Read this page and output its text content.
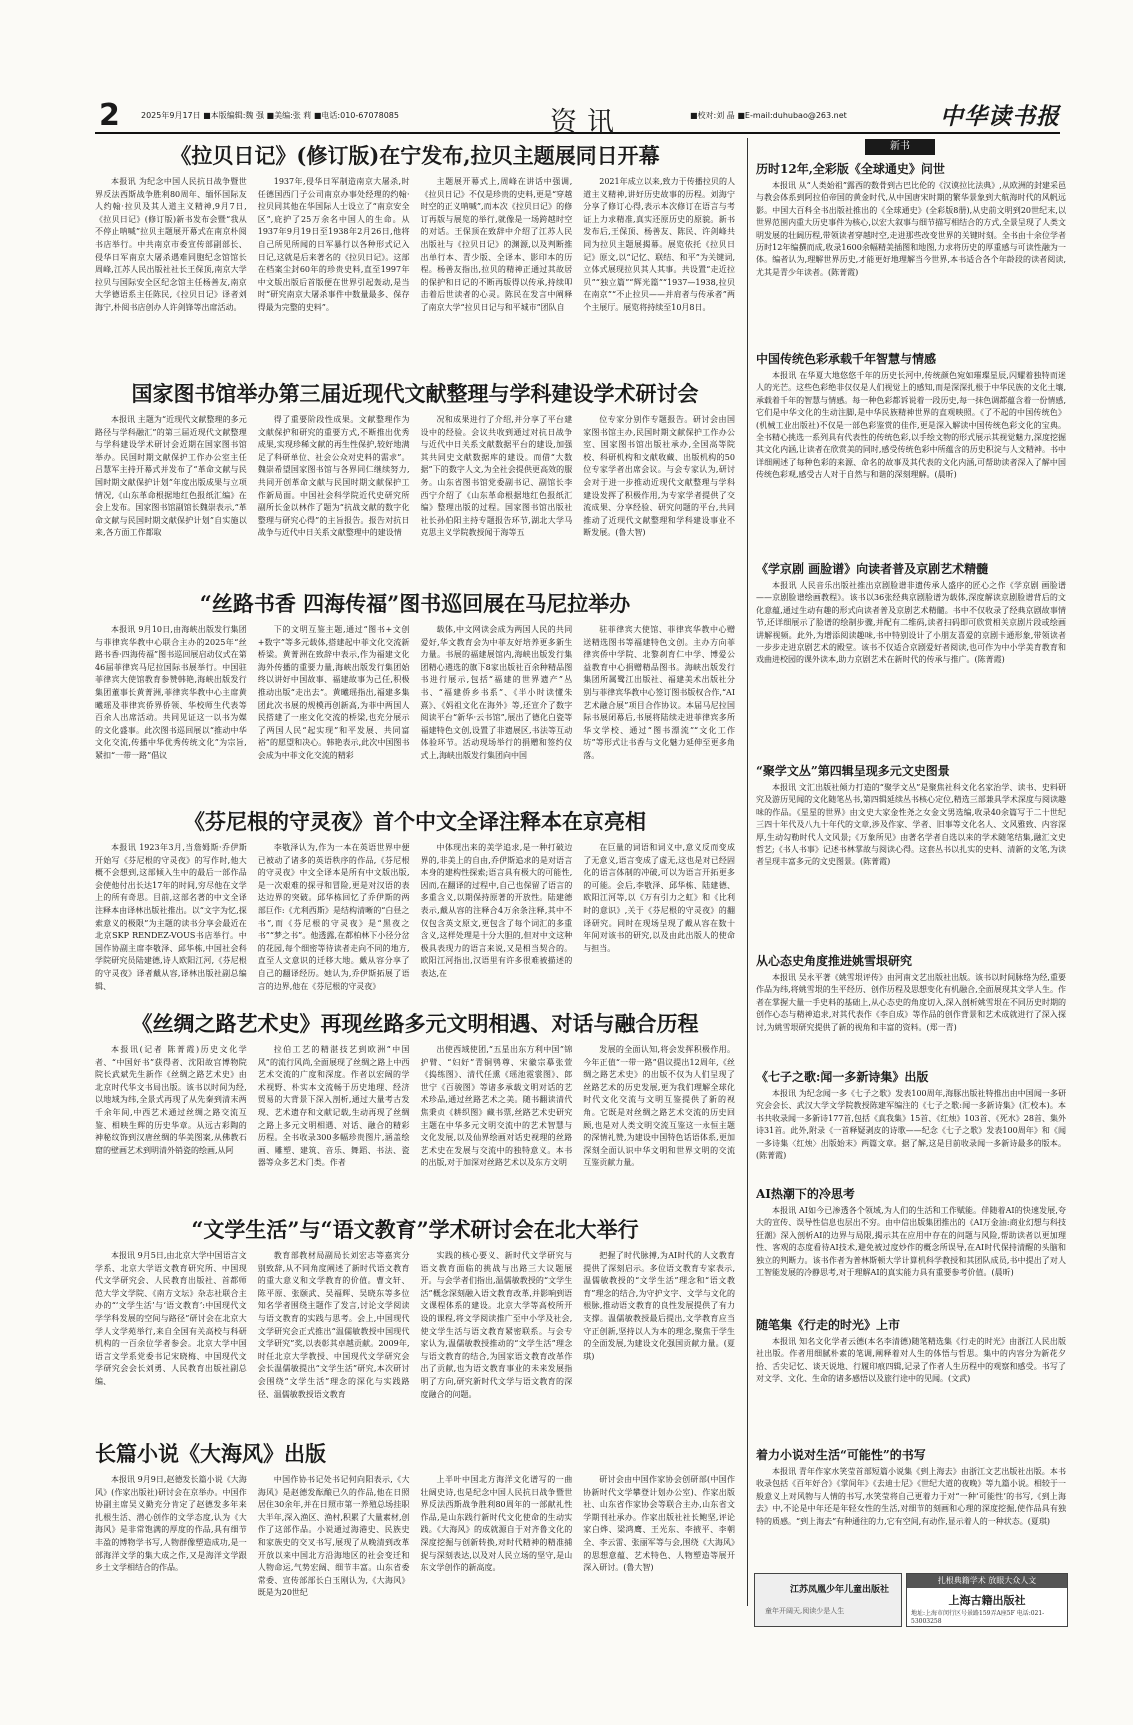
2	2025年9月17日 ■本版编辑:魏 强 ■美编:张 莉 ■电话:010-67078085	资讯	■校对:刘 晶 ■E-mail:duhubao@263.net	中华读书报
新书
《拉贝日记》(修订版)在宁发布,拉贝主题展同日开幕
本报讯 为纪念中国人民抗日战争暨世界反法西斯战争胜利80周年、缅怀国际友人约翰·拉贝及其人道主义精神,9月7日,《拉贝日记》(修订版)新书发布会暨“我从不停止呐喊”拉贝主题展开幕式在南京朴阅书店举行。中共南京市委宣传部副部长、侵华日军南京大屠杀遇难同胞纪念馆馆长周峰,江苏人民出版社社长王保顶,南京大学拉贝与国际安全区纪念馆主任杨善友,南京大学德语系主任陈民,《拉贝日记》译者刘海宁,朴阅书店创办人许剑锋等出席活动。
1937年,侵华日军制造南京大屠杀,时任德国西门子公司南京办事处经理的约翰·拉贝同其他在华国际人士设立了“南京安全区”,庇护了25万余名中国人的生命。从1937年9月19日至1938年2月26日,他将自己所见所闻的日军暴行以各种形式记入日记,这就是后来著名的《拉贝日记》。这部在档案尘封60年的珍贵史料,直至1997年中文版出版后首版便在世界引起轰动,是当时“研究南京大屠杀事件中数量最多、保存得最为完整的史料”。
主题展开幕式上,周峰在讲话中强调,《拉贝日记》不仅是珍贵的史料,更是“穿越时空的正义呐喊”,而本次《拉贝日记》的修订再版与展览的举行,就像是一场跨越时空的对话。王保顶在致辞中介绍了江苏人民出版社与《拉贝日记》的渊源,以及判断推出单行本、青少版、全译本、影印本的历程。杨善友指出,拉贝的精神正通过其故居的保护和日记的不断再版得以传承,持续叩击着后世读者的心灵。陈民在发言中阐释了南京大学“拉贝日记与和平城市”团队自
2021年成立以来,致力于传播拉贝的人道主义精神,讲好历史故事的历程。刘海宁分享了修订心得,表示本次修订在语言与考证上力求精准,真实还原历史的原貌。新书发布后,王保顶、杨善友、陈民、许剑峰共同为拉贝主题展揭幕。展览依托《拉贝日记》原文,以“记忆、联结、和平”为关键词,立体式展现拉贝其人其事。共设置“走近拉贝”“独立篇”“辉光篇”“1937—1938,拉贝在南京”“不止拉贝——并肩者与传承者”两个主展厅。展览将持续至10月8日。
国家图书馆举办第三届近现代文献整理与学科建设学术研讨会
本报讯 主题为“近现代文献整理的多元路径与学科融汇”的第三届近现代文献整理与学科建设学术研讨会近期在国家图书馆举办。民国时期文献保护工作办公室主任吕慧军主持开幕式并发布了“革命文献与民国时期文献保护计划”年度出版成果与立项情况,《山东革命根据地红色报纸汇编》在会上发布。国家图书馆副馆长魏崇表示,“革命文献与民国时期文献保护计划”自实施以来,各方面工作都取
得了重要阶段性成果。文献整理作为文献保护和研究的重要方式,不断推出优秀成果,实现珍稀文献的再生性保护,较好地满足了科研单位、社会公众对史料的需求”。魏崇希望国家图书馆与各界同仁继续努力,共同开创革命文献与民国时期文献保护工作新局面。中国社会科学院近代史研究所副所长金以林作了题为“抗战文献的数字化整理与研究心得”的主旨报告。报告对抗日战争与近代中日关系文献整理中的建设情
况和成果进行了介绍,并分享了平台建设中的经验。会议共收到通过对抗日战争与近代中日关系文献数据平台的建设,加强其共同史文献数据库的建设。而借“大数据”下的数字人文,为全社会提供更高效的服务。山东省图书馆党委副书记、副馆长李西宁介绍了《山东革命根据地红色报纸汇编》整理出版的过程。国家图书馆出版社社长孙伯阳主持专题报告环节,湖北大学马克思主义学院教授闻于海等五
位专家分别作专题报告。研讨会由国家图书馆主办,民国时期文献保护工作办公室、国家图书馆出版社承办,全国高等院校、科研机构和文献收藏、出版机构的50位专家学者出席会议。与会专家认为,研讨会对于进一步推动近现代文献整理与学科建设发挥了积极作用,为专家学者提供了交流成果、分享经验、研究问题的平台,共同推动了近现代文献整理和学科建设事业不断发展。(鲁大智)
“丝路书香 四海传福”图书巡回展在马尼拉举办
本报讯 9月10日,由海峡出版发行集团与菲律宾华教中心联合主办的2025年“丝路书香·四海传福”图书巡回展启动仪式在第46届菲律宾马尼拉国际书展举行。中国驻菲律宾大使馆教育参赞韩艳,海峡出版发行集团董事长黄菁洲,菲律宾华教中心主席黄曦瑶及菲律宾侨界侨领、华校师生代表等百余人出席活动。共同见证这一以书为媒的文化盛事。此次图书巡回展以“推动中华文化交流,传播中华优秀传统文化”为宗旨,紧扣“一带一路”倡议
下的文明互鉴主题,通过“图书+文创+数字”等多元载体,搭建起中菲文化交流新桥梁。黄菁洲在致辞中表示,作为福建文化海外传播的重要力量,海峡出版发行集团始终以讲好中国故事、福建故事为己任,积极推动出版“走出去”。黄曦瑶指出,福建多集团此次书展的规模再创新高,为菲中两国人民搭建了一座文化交流的桥梁,也充分展示了两国人民“起实现”和平发展、共同富裕”的愿望和决心。韩艳表示,此次中国图书会成为中菲文化交流的精彩
载体,中文网读会成为两国人民的共同爱好,华文教育会为中菲友好培养更多新生力量。书展的福建展馆内,海峡出版发行集团精心遴选的旗下8家出版社百余种精品图书进行展示,包括“福建的世界遗产”丛书、“福建侨乡书系”、《半小时读懂朱熹》、《妈祖文化在海外》等,还宣介了数字阅读平台“新华·云书馆”,展出了德化白瓷等福建特色文创,设置了非遗展区,书法等互动体验环节。活动现场举行的捐赠和签约仪式上,海峡出版发行集团向中国
驻菲律宾大使馆、菲律宾华教中心赠送精选图书等福建特色文创。主办方向菲律宾侨中学院、北黎刹育仁中学、博爱公益教育中心捐赠精品图书。海峡出版发行集团所属鹭江出版社、福建美术出版社分别与菲律宾华教中心签订图书版权合作,“AI艺术融合展”项目合作协议。本届马尼拉国际书展闭幕后,书展将陆续走进菲律宾多所华文学校、通过“图书漂流”“文化工作坊”等形式让书香与文化魅力延伸至更多角落。
《芬尼根的守灵夜》首个中文全译注释本在京亮相
本报讯 1923年3月,当詹姆斯·乔伊斯开始写《芬尼根的守灵夜》的写作时,他大概不会想到,这部倾入生中的最后一部作品会使他付出长达17年的时间,穷尽他在文学上的所有奇思。目前,这部名著的中文全译注释本由译林出版社推出。以“文字为忆,探索意义的极限”为主题的读书分享会最近在北京SKP RENDEZ-VOUS书店举行。中国作协副主席李敬泽、邱华栋,中国社会科学院研究员陆建德,诗人欧阳江河,《芬尼根的守灵夜》译者戴从容,译林出版社副总编辑、
李敬泽认为,作为一本在英语世界中便已被动了诸多的英语秩序的作品,《芬尼根的守灵夜》中文全译本是所有中文版出版,是一次艰难的探寻和冒险,更是对汉语的表达边界的突破。邱华栋回忆了乔伊斯的两部巨作:《尤利西斯》是结构清晰的“白昼之书”,而《芬尼根的守灵夜》是“黑夜之书”“梦之书”。他透露,在都柏林下小径分岔的花园,每个细密等待读者走向不同的地方,直至人文意识的迁移大地。戴从容分享了自己的翻译经历。她认为,乔伊斯拓展了语言的边界,他在《芬尼根的守灵夜》
中体现出来的美学追求,是一种打破边界的,非美上的自由,乔伊斯追求的是对语言本身的建构性探索;语言具有极大的可能性,因而,在翻译的过程中,自己也保留了语言的多重含义,以期保持原著的开放性。陆建德表示,戴从容的注释合4万余条注释,其中不仅包含英文原文,更包含了每个词汇的多重含义,这样处理是十分大胆的,但对中文这种极具表现力的语言来说,又是相当契合的。欧阳江河指出,汉语里有许多很难被描述的表达,在
在巨量的词语和词义中,意义反而变成了无意义,语言变成了虚无,这也是对已经固化的语言体制的冲破,可以为语言开拓更多的可能。会后,李敬泽、邱华栋、陆建德、欧阳江河等,以《万有引力之虹》和《比利时的意识》,关于《芬尼根的守灵夜》的翻译研究。同时在现场呈现了戴从容在数十年间对该书的研究,以及由此出版人的使命与担当。
《丝绸之路艺术史》再现丝路多元文明相遇、对话与融合历程
本报讯(记者 陈菁霞)历史文化学者、“中国好书”获得者、沈阳故宫博物院院长武斌先生新作《丝绸之路艺术史》由北京时代华文书局出版。该书以时间为经,以地域为纬,全景式再现了从先秦到清末两千余年间,中西艺术通过丝绸之路交流互鉴、相映生辉的历史华章。从远古彩陶的神秘纹饰到汉唐丝绸的华美图案,从佛教石窟的壁画艺术到明清外销瓷的绘画,从阿
拉伯工艺的精湛技艺到欧洲“中国风”的流行风尚,全面展现了丝绸之路上中西艺术交流的广度和深度。作者以宏阔的学术视野、朴实本文流畅于历史地理、经济贸易的大背景下深入剖析,通过大量考古发现、艺术遗存和文献记载,生动再现了丝绸之路上多元文明相遇、对话、融合的精彩历程。全书收录300多幅珍贵图片,涵盖绘画、雕塑、建筑、音乐、舞蹈、书法、瓷器等众多艺术门类。作者
出使西域使团,“五星出东方利中国”锦护臂、“妇好”青铜鸮尊、宋徽宗摹张萱《捣练图》、清代任熏《瑶池霓裳图》、郎世宁《百骏图》等诸多承载文明对话的艺术珍品,通过丝路艺术之美。随书翻读清代焦秉贞《耕织图》藏书票,丝路艺术史研究主题在中华多元文明交流中的艺术智慧与文化发展,以及仙界绘画对话史视理的丝路艺术史在发展与交流中的独特意义。本书的出版,对于加深对丝路艺术以及东方文明
发展的全面认知,将会发挥积极作用。今年正值“一带一路”倡议提出12周年,《丝绸之路艺术史》的出版不仅为人们呈现了丝路艺术的历史发展,更为我们理解全球化时代文化交流与文明互鉴提供了新的视角。它既是对丝绸之路艺术交流的历史回顾,也是对人类文明交流互鉴这一永恒主题的深情礼赞,为建设中国特色话语体系,更加深刻全面认识中华文明和世界文明的交流互鉴贡献力量。
“文学生活”与“语文教育”学术研讨会在北大举行
本报讯 9月5日,由北京大学中国语言文学系、北京大学语文教育研究所、中国现代文学研究会、人民教育出版社、首都师范大学文学院、《南方文坛》杂志社联合主办的“‘文学生活’与‘语文教育’:中国现代文学学科发展的空间与路径”研讨会在北京大学人文学苑举行,来自全国有关高校与科研机构的一百余位学者参会。北京大学中国语言文学系党委书记宋晓梅、中国现代文学研究会会长刘勇、人民教育出版社副总编、
教育部教材局副局长刘宏志等嘉宾分别致辞,从不同角度阐述了新时代语文教育的重大意义和文学教育的价值。曹文轩、陈平原、张颐武、吴福辉、吴晓东等多位知名学者围绕主题作了发言,讨论文学阅读与语文教育的实践与思考。会上,中国现代文学研究会正式推出“温儒敏教授中国现代文学研究”奖,以表彰其卓越贡献。2009年,时任北京大学教授、中国现代文学研究会会长温儒敏提出“文学生活”研究,本次研讨会围绕“文学生活”理念的深化与实践路径、温儒敏教授语文教育
实践的核心要义、新时代文学研究与语文教育面临的挑战与出路三大议题展开。与会学者们指出,温儒敏教授的“文学生活”概念深刻融入语文教育改革,并影响到语文课程体系的建设。北京大学等高校所开设的课程,将文学阅读推广至中小学及社会,使文学生活与语文教育紧密联系。与会专家认为,温儒敏教授推动的“文学生活”理念与语文教育的结合,为国家语文教育改革作出了贡献,也为语文教育事业的未来发展指明了方向,研究新时代文学与语文教育的深度融合的问题。
把握了时代脉搏,为AI时代的人文教育提供了深刻启示。多位语文教育专家表示,温儒敏教授的“文学生活”理念和“语文教育”理念的结合,为守护文字、文学与文化的根脉,推动语文教育的良性发展提供了有力支撑。温儒敏教授最后提出,文学教育应当守正创新,坚持以人为本的理念,聚焦于学生的全面发展,为建设文化强国贡献力量。(夏琪)
长篇小说《大海风》出版
本报讯 9月9日,赵德发长篇小说《大海风》(作家出版社)研讨会在京举办。中国作协副主席吴义勤充分肯定了赵德发多年来扎根生活、潜心创作的文学态度,认为《大海风》是非常饱满的厚度的作品,具有细节丰盈的博物学书写,人物群像塑造成功,是一部海洋文学的集大成之作,又是海洋文学跟乡土文学相结合的作品。
中国作协书记处书记何向阳表示,《大海风》是赵德发酝酿已久的作品,他在日照居住30余年,并在日照市第一养殖总场挂职大半年,深入渔区、渔村,积累了大量素材,创作了这部作品。小说通过海港史、民族史和家族史的交叉书写,展现了从晚清到改革开放以来中国北方沿海地区的社会变迁和人物命运,气势宏阔、细节丰富。山东省委常委、宣传部部长白玉刚认为,《大海风》既是为20世纪
上半叶中国北方海洋文化谱写的一曲壮阔史诗,也是纪念中国人民抗日战争暨世界反法西斯战争胜利80周年的一部献礼性作品,是山东践行新时代文化使命的生动实践。《大海风》的成就源自于对齐鲁文化的深度挖掘与创新转换,对时代精神的精准捕捉与深刻表达,以及对人民立场的坚守,是山东文学创作的新高度。
研讨会由中国作家协会创研部(中国作协新时代文学攀登计划办公室)、作家出版社、山东省作家协会等联合主办,山东省文学期刊社承办。作家出版社社长鲍坚,评论家白烨、梁鸿鹰、王光东、李掖平、李朝全、李云雷、张丽军等与会,围绕《大海风》的思想意蕴、艺术特色、人物塑造等展开深入研讨。(鲁大智)
历时12年,全彩版《全球通史》问世

本报讯 从“人类始祖”露西的数骨到古巴比伦的《汉谟拉比法典》,从欧洲的封建采邑与教会体系到阿拉伯帝国的黄金时代,从中国唐宋时期的繁华景象到大航海时代的风帆远影。中国大百科全书出版社推出的《全球通史》(全彩版8册),从史前文明到20世纪末,以世界范围内重大历史事件为核心,以宏大叙事与细节描写相结合的方式,全景呈现了人类文明发展的壮阔历程,带领读者穿越时空,走进那些改变世界的关键时刻。全书由十余位学者历时12年编撰而成,收录1600余幅精美插图和地图,力求将历史的厚重感与可读性融为一体。编者认为,理解世界历史,才能更好地理解当今世界,本书适合各个年龄段的读者阅读,尤其是青少年读者。(陈菁霞)

中国传统色彩承载千年智慧与情感

本报讯 在华夏大地悠悠千年的历史长河中,传统颜色宛如璀璨星辰,闪耀着独特而迷人的光芒。这些色彩绝非仅仅是人们视觉上的感知,而是深深扎根于中华民族的文化土壤,承载着千年的智慧与情感。每一种色彩都诉说着一段历史,每一抹色调都蕴含着一份情感,它们是中华文化的生动注脚,是中华民族精神世界的直观映照。《了不起的中国传统色》(机械工业出版社)不仅是一部色彩鉴赏的佳作,更是深入解读中国传统色彩文化的宝典。全书精心挑选一系列具有代表性的传统色彩,以手绘文物的形式展示其视觉魅力,深度挖掘其文化内涵,让读者在欣赏美的同时,感受传统色彩中所蕴含的历史积淀与人文精神。书中详细阐述了每种色彩的来源、命名的故事及其代表的文化内涵,可帮助读者深入了解中国传统色彩观,感受古人对于自然与和谐的深刻理解。(晨昕)

《学京剧 画脸谱》向读者普及京剧艺术精髓

本报讯 人民音乐出版社推出京剧脸谱非遗传承人盛序的匠心之作《学京剧 画脸谱——京剧脸谱绘画教程》。该书以36张经典京剧脸谱为载体,深度解读京剧脸谱背后的文化意蕴,通过生动有趣的形式向读者普及京剧艺术精髓。书中不仅收录了经典京剧故事情节,还详细展示了脸谱的绘制步骤,并配有二维码,读者扫码即可欣赏相关京剧片段或绘画讲解视频。此外,为增添阅读趣味,书中特别设计了小朋友喜爱的京剧卡通形象,带领读者一步步走进京剧艺术的殿堂。该书不仅适合京剧爱好者阅读,也可作为中小学美育教育和戏曲进校园的课外读本,助力京剧艺术在新时代的传承与推广。(陈菁霞)

“聚学文丛”第四辑呈现多元文史图景

本报讯 文汇出版社倾力打造的“聚学文丛”是聚焦社科文化名家治学、读书、史料研究及游历见闻的文化随笔丛书,第四辑延续丛书核心定位,精选三部兼具学术深度与阅读趣味的作品。《星星的世界》由文史大家金性尧之女金文男选编,收录40余篇写于二十世纪三四十年代及八九十年代的文章,涉及作家、学者、旧事等文化名人、文风雅致、内容深厚,生动勾勒时代人文风景;《万象所见》由著名学者自选以来的学术随笔结集,融汇文史哲艺;《书人书事》记述书林掌故与阅读心得。这套丛书以扎实的史料、清新的文笔,为读者呈现丰富多元的文史图景。(陈菁霞)

从心态史角度推进姚雪垠研究

本报讯 吴永平著《姚雪垠评传》由河南文艺出版社出版。该书以时间脉络为经,重要作品为纬,将姚雪垠的生平经历、创作历程及思想变化有机融合,全面展现其文学人生。作者在掌握大量一手史料的基础上,从心态史的角度切入,深入剖析姚雪垠在不同历史时期的创作心态与精神追求,对其代表作《李自成》等作品的创作背景和艺术成就进行了深入探讨,为姚雪垠研究提供了新的视角和丰富的资料。(郑一青)

《七子之歌:闻一多新诗集》出版

本报讯 为纪念闻一多《七子之歌》发表100周年,海豚出版社特推出由中国闻一多研究会会长、武汉大学文学院教授陈建军编注的《七子之歌:闻一多新诗集》(汇校本)。本书共收录闻一多新诗177首,包括《真我集》15首、《红烛》103首、《死水》28首、集外诗31首。此外,附录《一首释疑剥皮的诗歌——纪念《七子之歌》发表100周年》和《闻一多诗集〈红烛〉出版始末》两篇文章。据了解,这是目前收录闻一多新诗最多的版本。(陈菁霞)

AI热潮下的冷思考

本报讯 AI如今已渗透各个领域,为人们的生活和工作赋能。伴随着AI的快速发展,夸大的宣传、误导性信息也层出不穷。由中信出版集团推出的《AI万金油:商业幻想与科技狂潮》深入剖析AI的边界与局限,揭示其在应用中存在的问题与风险,帮助读者以更加理性、客观的态度看待AI技术,避免被过度炒作的概念所误导,在AI时代保持清醒的头脑和独立的判断力。该书作者为普林斯顿大学计算机科学教授和其团队成员,书中提出了对人工智能发展的冷静思考,对于理解AI的真实能力具有重要参考价值。(晨昕)

随笔集《行走的时光》上市

本报讯 知名文化学者云德(本名李清德)随笔精选集《行走的时光》由浙江人民出版社出版。作者用细腻朴素的笔调,阐释着对人生的体悟与哲思。集中的内容分为新花夕拾、舌尖记忆、谈天说地、行履印痕四辑,记录了作者人生历程中的观察和感受。书写了对文学、文化、生命的诸多感悟以及旅行途中的见闻。(文武)

着力小说对生活“可能性”的书写

本报讯 青年作家水笑莹首部短篇小说集《到上海去》由浙江文艺出版社出版。本书收录包括《百年好合》《掌间年》《去迪士尼》《世纪大道的夜晚》等九篇小说。相较于一般意义上对风物与人情的书写,水笑莹将自己更着力于对“一种‘可能性’的书写,《到上海去》中,不论是中年还是年轻女性的生活,对细节的刻画和心理的深度挖掘,使作品具有独特的质感。“到上海去”有种通往的力,它有空间,有动作,显示着人的一种状态。(夏琪)

江苏凤凰少年儿童出版社
童年开阔天,阅读少是人生
扎根典籍学术 放眼大众人文
上海古籍出版社
地址:上海市闵行区号景路159弄A座5F 电话:021-53003258
